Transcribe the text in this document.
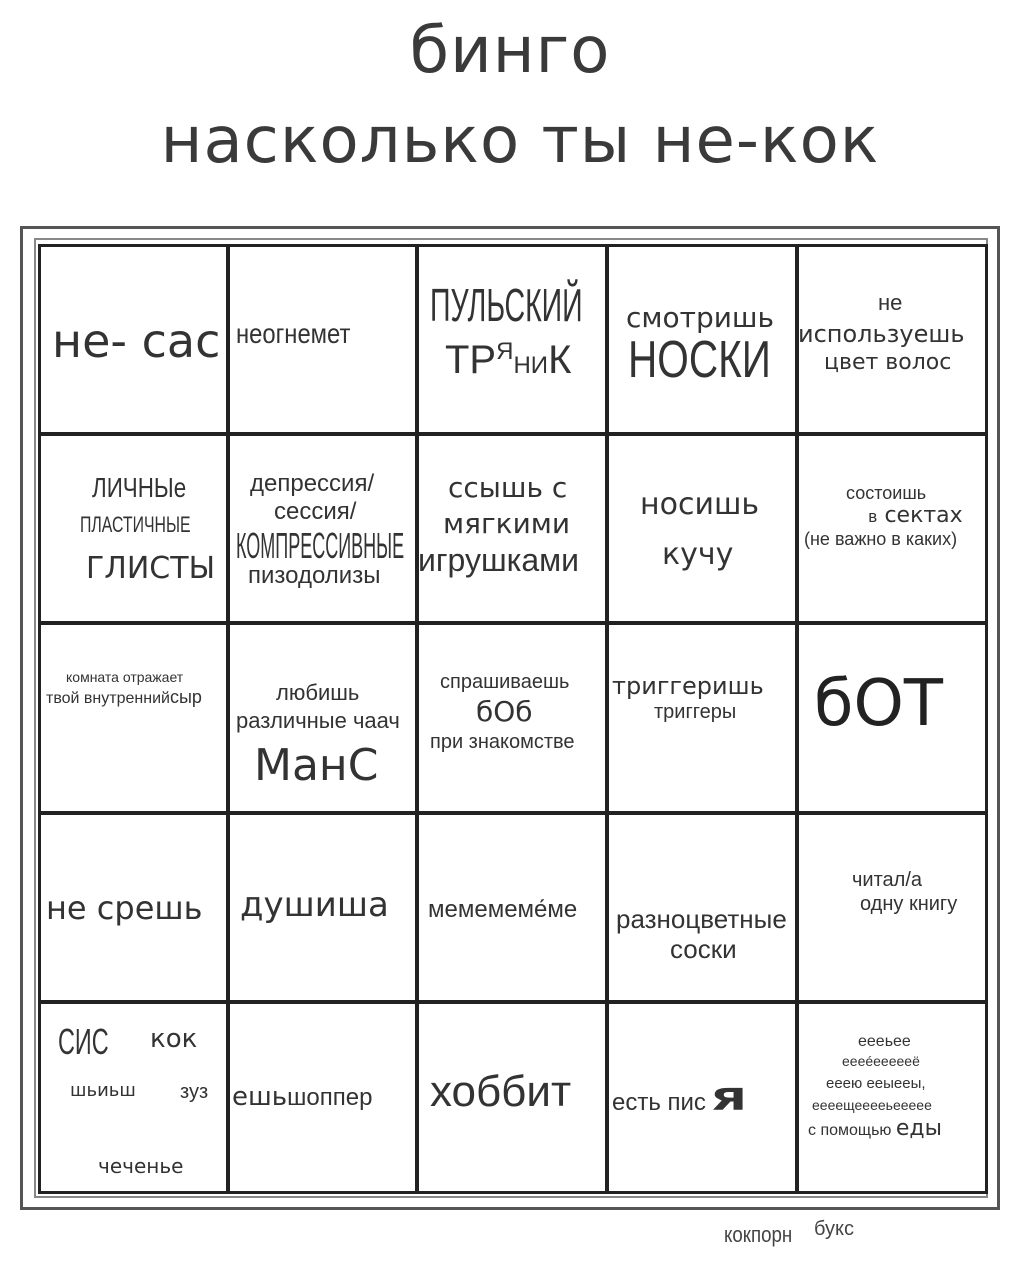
бинго
насколько ты не-кок
не- сас неогнемет
ПУЛЬСКИЙ
$ТР^ЯНИК$
смотришь
НОСКИ
не
используешь
цвет волос
ЛИЧНЫе
ПЛАСТИЧНЫЕ
ГЛИСТЫ
депрессия/
сессия/
КОМПРЕССИВНЫЕ
пизодолизы
ссышь с
мягкими
игрушками
носишь
кучу
состоишь
в сектах
(не важно в каких)
комната отражает
твой внутреннийсыр	любишь
различные чаач
МанС
спрашиваешь
бОб
при знакомстве
триггеришь
триггеры бОТ
не срешь душиша мемемеме́ме разноцветные
соски
читал/а
одну книгу
СИС кок
шьиьш зуз
чеченье
ешьшоппер хоббит есть пис Я
еееьее
еееéеееееё
ееею ееыееы,
еееещееееьеееее
с помощью еды
кокпорн букс
